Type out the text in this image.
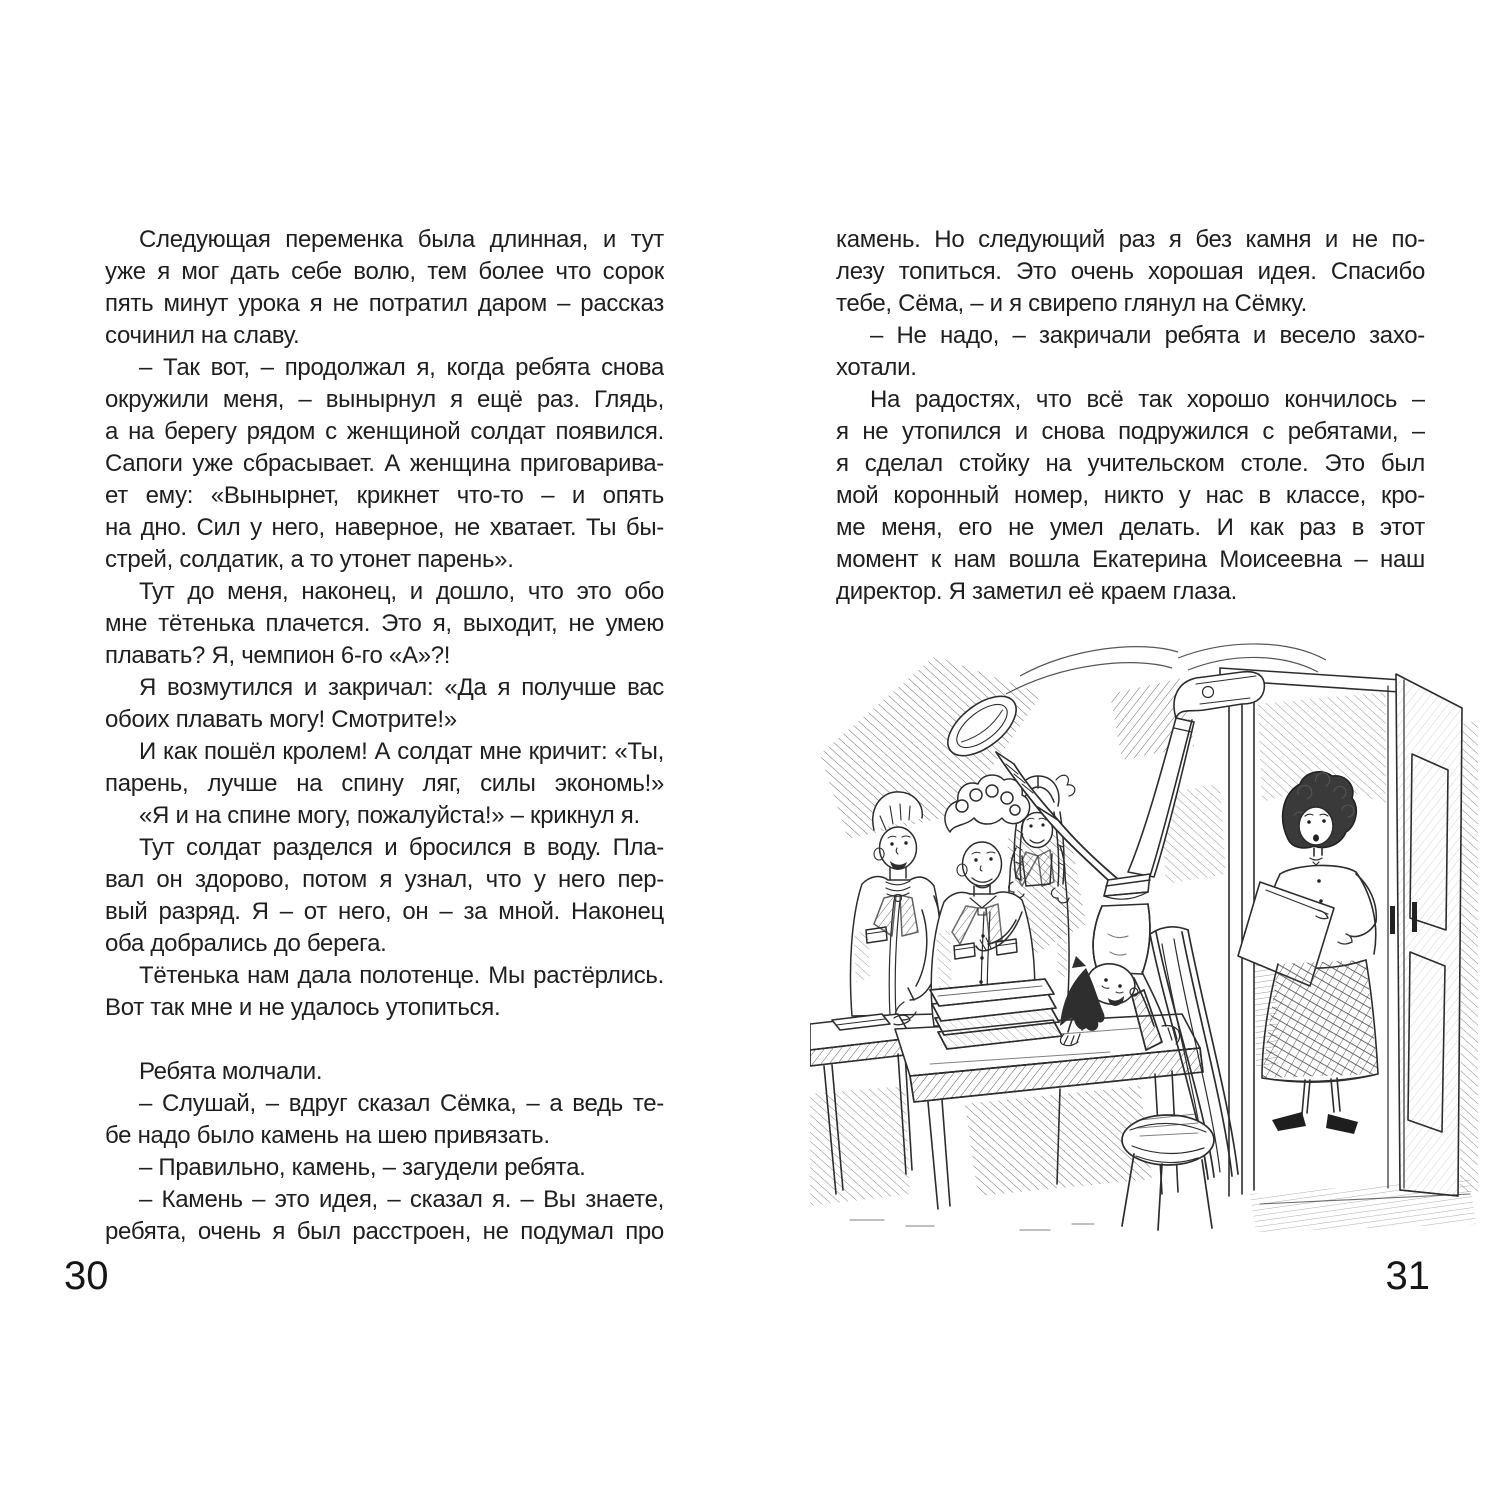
Следующая переменка была длинная, и тут
уже я мог дать себе волю, тем более что сорок
пять минут урока я не потратил даром – рассказ
сочинил на славу.
– Так вот, – продолжал я, когда ребята снова
окружили меня, – вынырнул я ещё раз. Глядь,
а на берегу рядом с женщиной солдат появился.
Сапоги уже сбрасывает. А женщина приговарива-
ет ему: «Вынырнет, крикнет что-то – и опять
на дно. Сил у него, наверное, не хватает. Ты бы-
стрей, солдатик, а то утонет парень».
Тут до меня, наконец, и дошло, что это обо
мне тётенька плачется. Это я, выходит, не умею
плавать? Я, чемпион 6-го «А»?!
Я возмутился и закричал: «Да я получше вас
обоих плавать могу! Смотрите!»
И как пошёл кролем! А солдат мне кричит: «Ты,
парень, лучше на спину ляг, силы экономь!»
«Я и на спине могу, пожалуйста!» – крикнул я.
Тут солдат разделся и бросился в воду. Пла-
вал он здорово, потом я узнал, что у него пер-
вый разряд. Я – от него, он – за мной. Наконец
оба добрались до берега.
Тётенька нам дала полотенце. Мы растёрлись.
Вот так мне и не удалось утопиться.
Ребята молчали.
– Слушай, – вдруг сказал Сёмка, – а ведь те-
бе надо было камень на шею привязать.
– Правильно, камень, – загудели ребята.
– Камень – это идея, – сказал я. – Вы знаете,
ребята, очень я был расстроен, не подумал про
камень. Но следующий раз я без камня и не по-
лезу топиться. Это очень хорошая идея. Спасибо
тебе, Сёма, – и я свирепо глянул на Сёмку.
– Не надо, – закричали ребята и весело захо-
хотали.
На радостях, что всё так хорошо кончилось –
я не утопился и снова подружился с ребятами, –
я сделал стойку на учительском столе. Это был
мой коронный номер, никто у нас в классе, кро-
ме меня, его не умел делать. И как раз в этот
момент к нам вошла Екатерина Моисеевна – наш
директор. Я заметил её краем глаза.
30	31
